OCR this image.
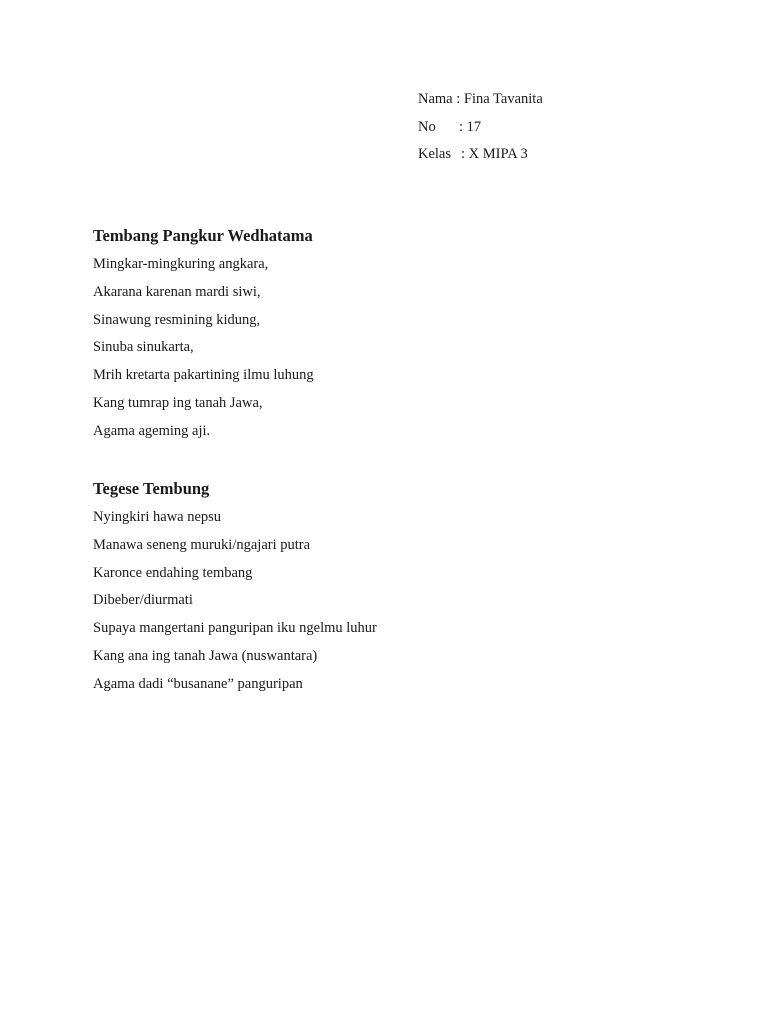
Nama
: Fina Tavanita
No	: 17
Kelas : X MIPA 3
Tembang Pangkur Wedhatama
Mingkar-mingkuring angkara,
Akarana karenan mardi siwi,
Sinawung resmining kidung,
Sinuba sinukarta,
Mrih kretarta pakartining ilmu luhung
Kang tumrap ing tanah Jawa,
Agama ageming aji.
Tegese Tembung
Nyingkiri hawa nepsu
Manawa seneng muruki/ngajari putra
Karonce endahing tembang
Dibeber/diurmati
Supaya mangertani panguripan iku ngelmu luhur
Kang ana ing tanah Jawa (nuswantara)
Agama dadi “busanane” panguripan
